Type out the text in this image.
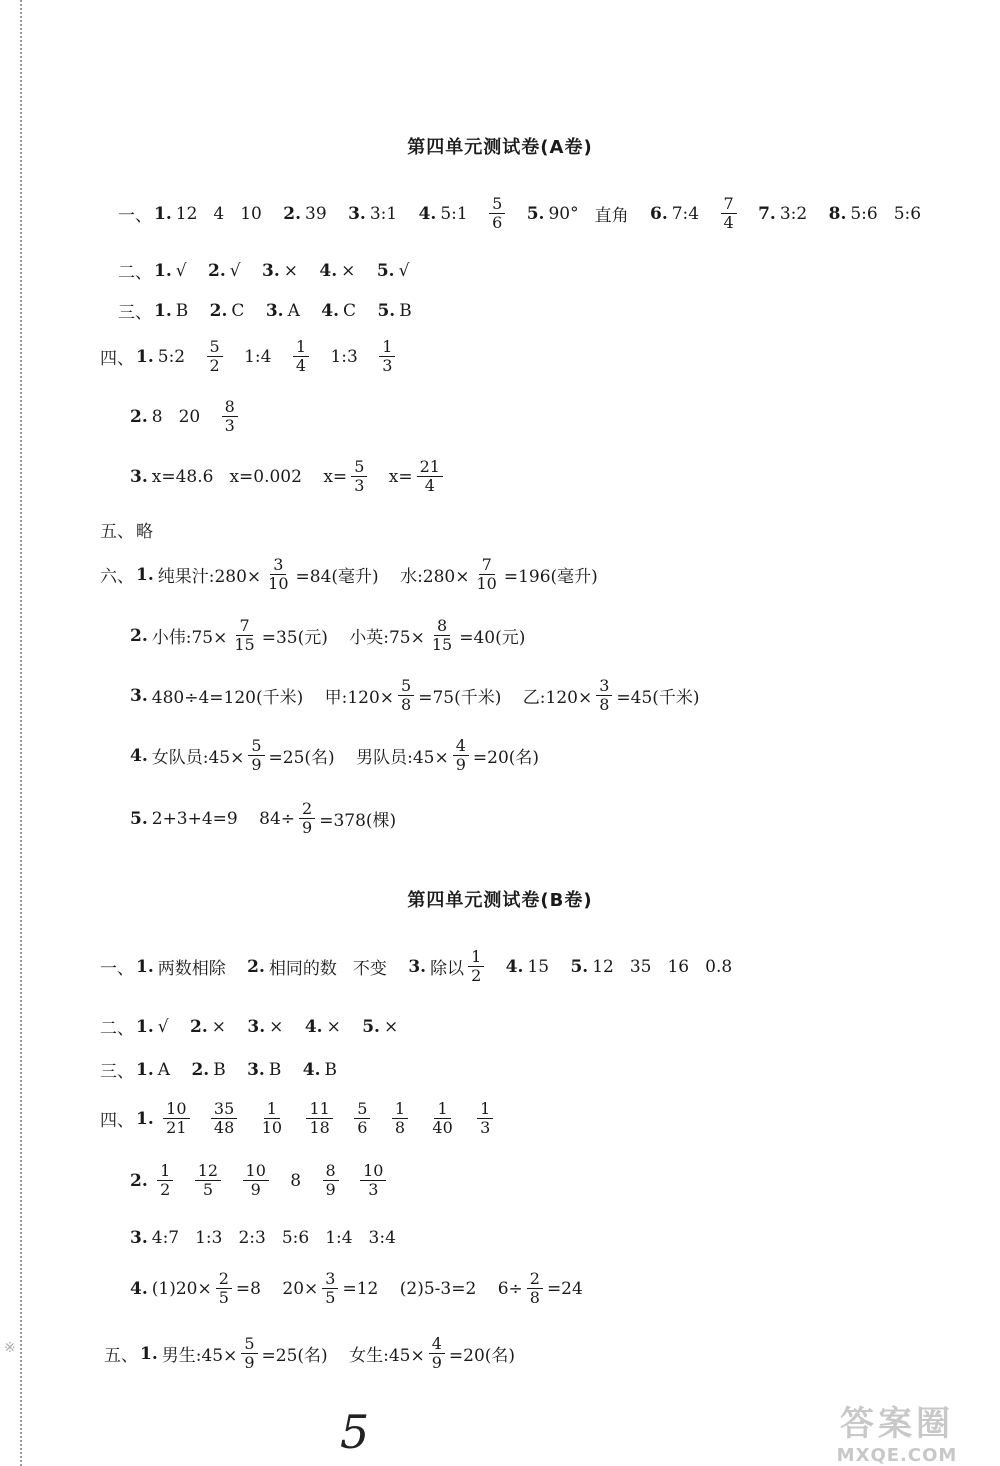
※
第四单元测试卷(A卷)
一、 1. 12 4 10 2. 39 3. 3:1 4. 5:1 $\frac{5}{6} 5$. 90° 直角 6. 7:4 $\frac{7}{4} 7$. 3:2 8. 5:6 5:6
二、 1. √ 2. √ 3. × 4. × 5. √
三、 1. B 2. C 3. A 4. C 5. B
四、 1. 5:2 $\frac{5}{2}$ 1:4 $\frac{1}{4}$ 1:3 $\frac{1}{3}$
2. 8 $20 \frac{8}{3}$
3. x=48.6 x=0.002 $x= \frac{5}{3} x= \frac{21}{4}$
五、 略
六、 1. 纯果汁:280× $\frac{3}{10} =84$(毫升) 水:280× $\frac{7}{10} =196$(毫升)
2. 小伟:75× $\frac{7}{15} =35$(元) 小英:75× $\frac{8}{15} =40$(元)
3. 480÷4=120(千米) 甲:120× $\frac{5}{8} =75$(千米) 乙:120× $\frac{3}{8} =45$(千米)
4. 女队员:45× $\frac{5}{9} =25$(名) 男队员:45× $\frac{4}{9} =20$(名)
5. 2+3+4=9 $84\div \frac{2}{9} =378$(棵)
第四单元测试卷(B卷)
一、 1. 两数相除 2. 相同的数 不变 3. 除以 $\frac{1}{2} 4$. 15 5. 12 35 16 0.8
二、 1. √ 2. × 3. × 4. × 5. ×
三、 1. A 2. B 3. B 4. B
四、 1. $\frac{10}{21}$
$\frac{35}{48}$
$\frac{1}{10}$
$\frac{11}{18}$
$\frac{5}{6}$
$\frac{1}{8}$
$\frac{1}{40}$
$\frac{1}{3}$
2. $\frac{1}{2}$
$\frac{12}{5}$
$\frac{10}{9} 8 \frac{8}{9}$
$\frac{10}{3}$
3. 4:7 1:3 2:3 5:6 1:4 3:4
4. $(1)20\times \frac{2}{5} =8$ $20\times \frac{3}{5} =12$ (2)5-3=2 $6\div \frac{2}{8} =24$
五、 1. 男生:45× $\frac{5}{9} =25$(名) 女生:45× $\frac{4}{9} =20$(名)
5	答案圈
MXQE.COM
